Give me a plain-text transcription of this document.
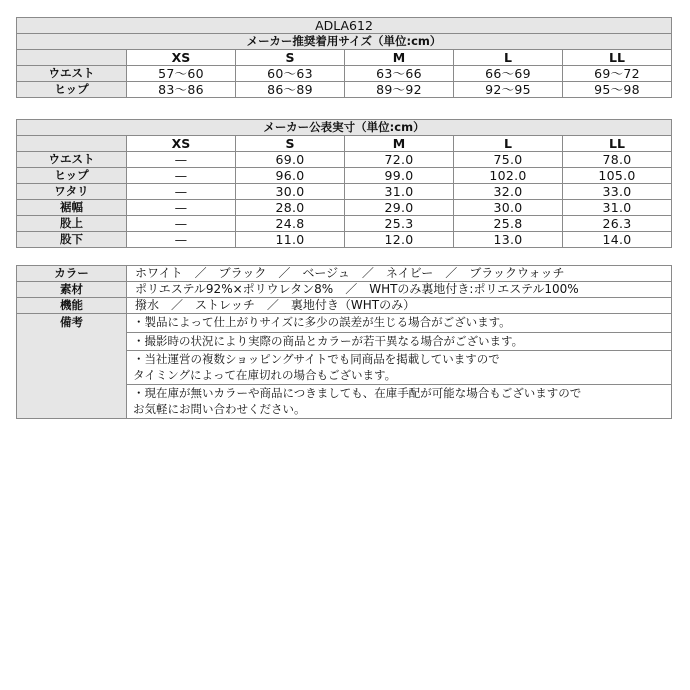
ADLA612					
メーカー推奨着用サイズ（単位:cm）					
	XS	S	M	L	LL
ウエスト	57〜60	60〜63	63〜66	66〜69	69〜72
ヒップ	83〜86	86〜89	89〜92	92〜95	95〜98
メーカー公表実寸（単位:cm）					
	XS	S	M	L	LL
ウエスト	—	69.0	72.0	75.0	78.0
ヒップ	—	96.0	99.0	102.0	105.0
ワタリ	—	30.0	31.0	32.0	33.0
裾幅	—	28.0	29.0	30.0	31.0
股上	—	24.8	25.3	25.8	26.3
股下	—	11.0	12.0	13.0	14.0
カラー	ホワイト　／　ブラック　／　ベージュ　／　ネイビー　／　ブラックウォッチ
素材	ポリエステル92%×ポリウレタン8%　／　WHTのみ裏地付き:ポリエステル100%
機能	撥水　／　ストレッチ　／　裏地付き（WHTのみ）
備考	・製品によって仕上がりサイズに多少の誤差が生じる場合がございます。

	・撮影時の状況により実際の商品とカラーが若干異なる場合がございます。

	・当社運営の複数ショッピングサイトでも同商品を掲載していますので
タイミングによって在庫切れの場合もございます。

	・現在庫が無いカラーや商品につきましても、在庫手配が可能な場合もございますので
お気軽にお問い合わせください。
